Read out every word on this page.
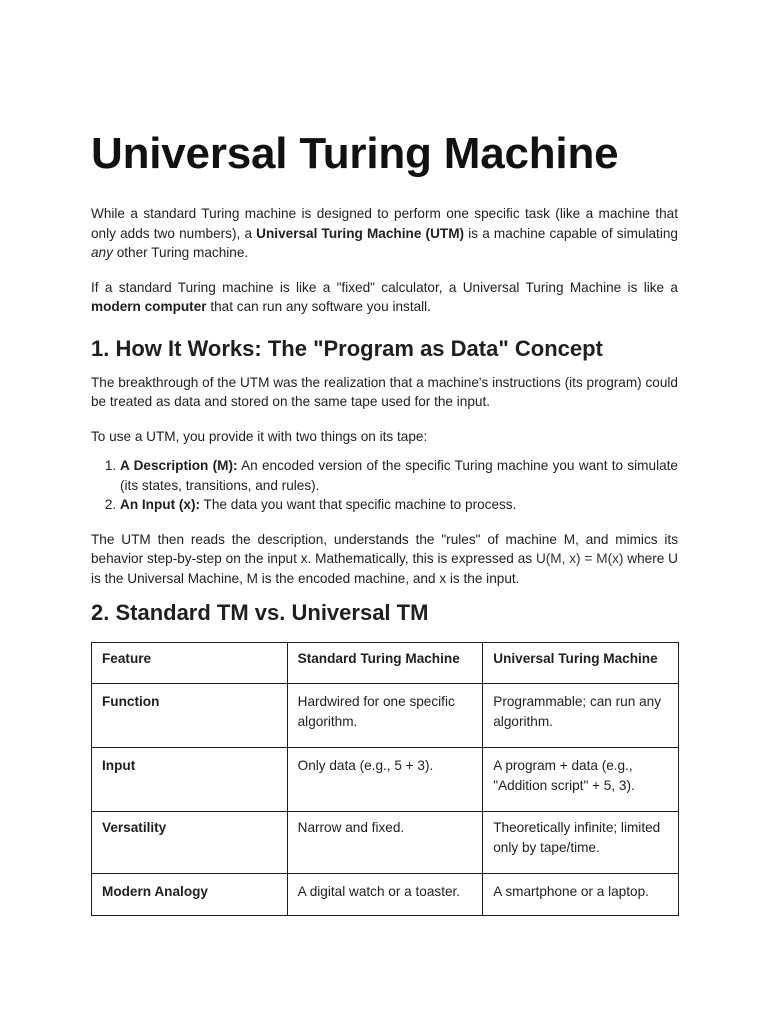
Universal Turing Machine

While a standard Turing machine is designed to perform one specific task (like a machine that only adds two numbers), a Universal Turing Machine (UTM) is a machine capable of simulating any other Turing machine.

If a standard Turing machine is like a "fixed" calculator, a Universal Turing Machine is like a modern computer that can run any software you install.

1. How It Works: The "Program as Data" Concept

The breakthrough of the UTM was the realization that a machine's instructions (its program) could be treated as data and stored on the same tape used for the input.

To use a UTM, you provide it with two things on its tape:

1. A Description (M): An encoded version of the specific Turing machine you want to simulate (its states, transitions, and rules).
2. An Input (x): The data you want that specific machine to process.

The UTM then reads the description, understands the "rules" of machine M, and mimics its behavior step-by-step on the input x. Mathematically, this is expressed as U(M, x) = M(x) where U is the Universal Machine, M is the encoded machine, and x is the input.

2. Standard TM vs. Universal TM
Feature	Standard Turing Machine	Universal Turing Machine
Function	Hardwired for one specific algorithm.	Programmable; can run any algorithm.
Input	Only data (e.g., 5 + 3).	A program + data (e.g., "Addition script" + 5, 3).
Versatility	Narrow and fixed.	Theoretically infinite; limited only by tape/time.
Modern Analogy	A digital watch or a toaster.	A smartphone or a laptop.
